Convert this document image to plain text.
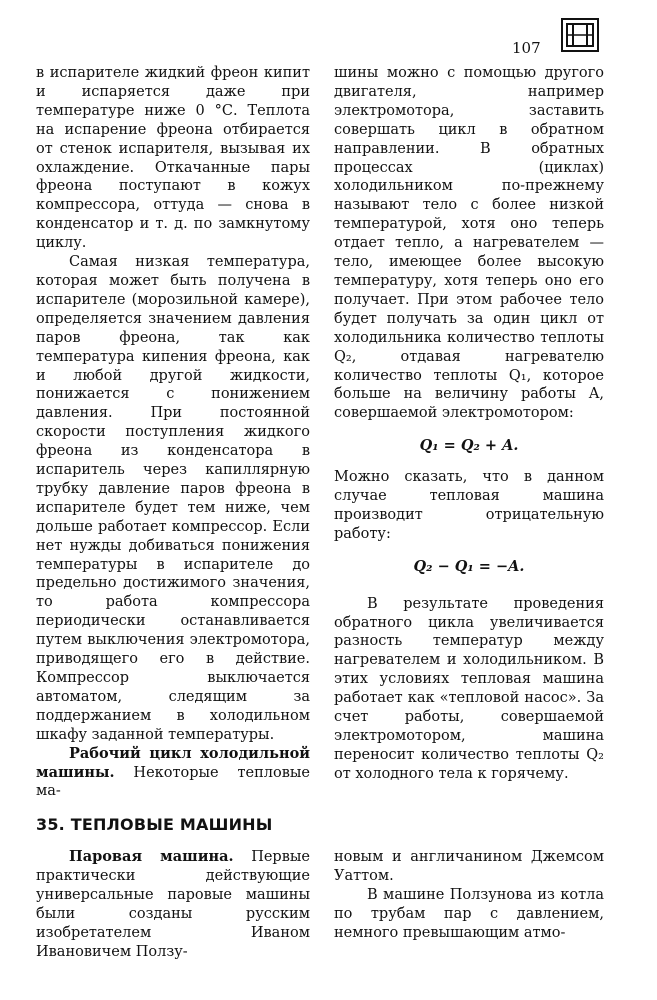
107

в испарителе жидкий фреон кипит и испаряется даже при температуре ниже 0 °С. Теплота на испарение фреона отбирается от стенок испарителя, вызывая их охлаждение. Откачанные пары фреона поступают в кожух компрессора, оттуда — снова в конденсатор и т. д. по замкнутому циклу.

Самая низкая температура, которая может быть получена в испарителе (морозильной камере), определяется значением давления паров фреона, так как температура кипения фреона, как и любой другой жидкости, понижается с понижением давления. При постоянной скорости поступления жидкого фреона из конденсатора в испаритель через капиллярную трубку давление паров фреона в испарителе будет тем ниже, чем дольше работает компрессор. Если нет нужды добиваться понижения температуры в испарителе до предельно достижимого значения, то работа компрессора периодически останавливается путем выключения электромотора, приводящего его в действие. Компрессор выключается автоматом, следящим за поддержанием в холодильном шкафу заданной температуры.

Рабочий цикл холодильной машины. Некоторые тепловые ма-

шины можно с помощью другого двигателя, например электромотора, заставить совершать цикл в обратном направлении. В обратных процессах (циклах) холодильником по-прежнему называют тело с более низкой температурой, хотя оно теперь отдает тепло, а нагревателем — тело, имеющее более высокую температуру, хотя теперь оно его получает. При этом рабочее тело будет получать за один цикл от холодильника количество теплоты Q₂, отдавая нагревателю количество теплоты Q₁, которое больше на величину работы A, совершаемой электромотором:

Q₁ = Q₂ + A.

Можно сказать, что в данном случае тепловая машина производит отрицательную работу:

Q₂ − Q₁ = −A.

В результате проведения обратного цикла увеличивается разность температур между нагревателем и холодильником. В этих условиях тепловая машина работает как «тепловой насос». За счет работы, совершаемой электромотором, машина переносит количество теплоты Q₂ от холодного тела к горячему.

35. ТЕПЛОВЫЕ МАШИНЫ

Паровая машина. Первые практически действующие универсальные паровые машины были созданы русским изобретателем Иваном Ивановичем Ползу-

новым и англичанином Джемсом Уаттом.

В машине Ползунова из котла по трубам пар с давлением, немного превышающим атмо-
